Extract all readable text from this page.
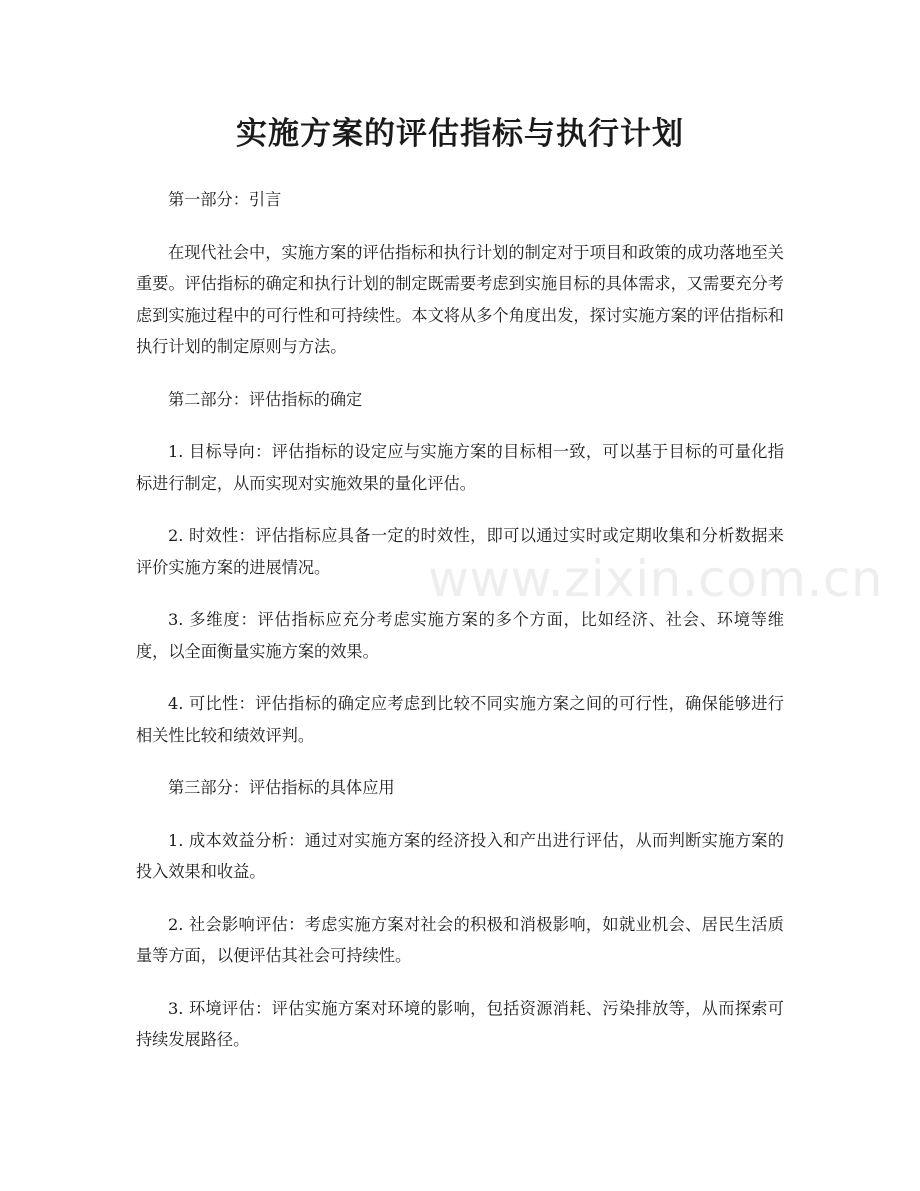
实施方案的评估指标与执行计划

第一部分：引言

在现代社会中，实施方案的评估指标和执行计划的制定对于项目和政策的成功落地至关重要。评估指标的确定和执行计划的制定既需要考虑到实施目标的具体需求，又需要充分考虑到实施过程中的可行性和可持续性。本文将从多个角度出发，探讨实施方案的评估指标和执行计划的制定原则与方法。

第二部分：评估指标的确定

1. 目标导向：评估指标的设定应与实施方案的目标相一致，可以基于目标的可量化指标进行制定，从而实现对实施效果的量化评估。

2. 时效性：评估指标应具备一定的时效性，即可以通过实时或定期收集和分析数据来评价实施方案的进展情况。

3. 多维度：评估指标应充分考虑实施方案的多个方面，比如经济、社会、环境等维度，以全面衡量实施方案的效果。

4. 可比性：评估指标的确定应考虑到比较不同实施方案之间的可行性，确保能够进行相关性比较和绩效评判。

第三部分：评估指标的具体应用

1. 成本效益分析：通过对实施方案的经济投入和产出进行评估，从而判断实施方案的投入效果和收益。

2. 社会影响评估：考虑实施方案对社会的积极和消极影响，如就业机会、居民生活质量等方面，以便评估其社会可持续性。

3. 环境评估：评估实施方案对环境的影响，包括资源消耗、污染排放等，从而探索可持续发展路径。

www.zixin.com.cn
